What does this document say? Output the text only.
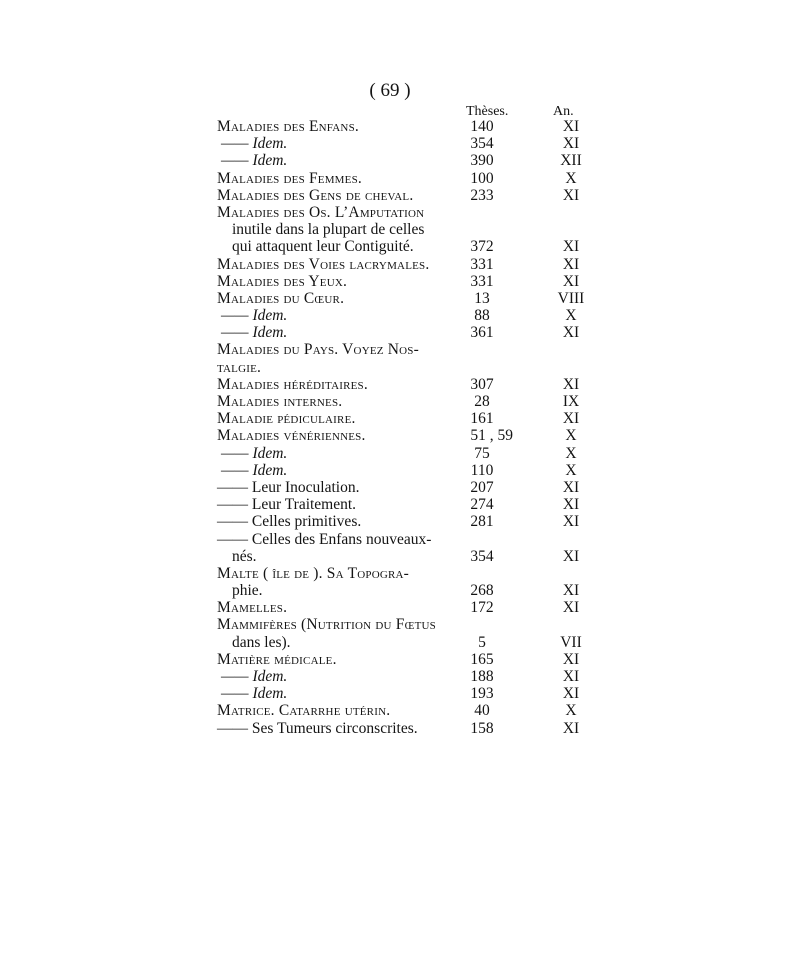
( 69 )
Thèses.	An.
Maladies des Enfans.	140	XI
—— Idem.	354	XI
—— Idem.	390	XII
Maladies des Femmes.	100	X
Maladies des Gens de cheval.	233	XI
Maladies des Os. L’Amputation
inutile dans la plupart de celles
qui attaquent leur Contiguité.	372	XI
Maladies des Voies lacrymales.	331	XI
Maladies des Yeux.	331	XI
Maladies du Cœur.	13	VIII
—— Idem.	88	X
—— Idem.	361	XI
Maladies du Pays. Voyez Nos-
talgie.
Maladies héréditaires.	307	XI
Maladies internes.	28	IX
Maladie pédiculaire.	161	XI
Maladies vénériennes.	51 , 59	X
—— Idem.	75	X
—— Idem.	110	X
—— Leur Inoculation.	207	XI
—— Leur Traitement.	274	XI
—— Celles primitives.	281	XI
—— Celles des Enfans nouveaux-
nés.	354	XI
Malte ( île de ). Sa Topogra-
phie.	268	XI
Mamelles.	172	XI
Mammifères (Nutrition du Fœtus
dans les).	5	VII
Matière médicale.	165	XI
—— Idem.	188	XI
—— Idem.	193	XI
Matrice. Catarrhe utérin.	40	X
—— Ses Tumeurs circonscrites.	158	XI
